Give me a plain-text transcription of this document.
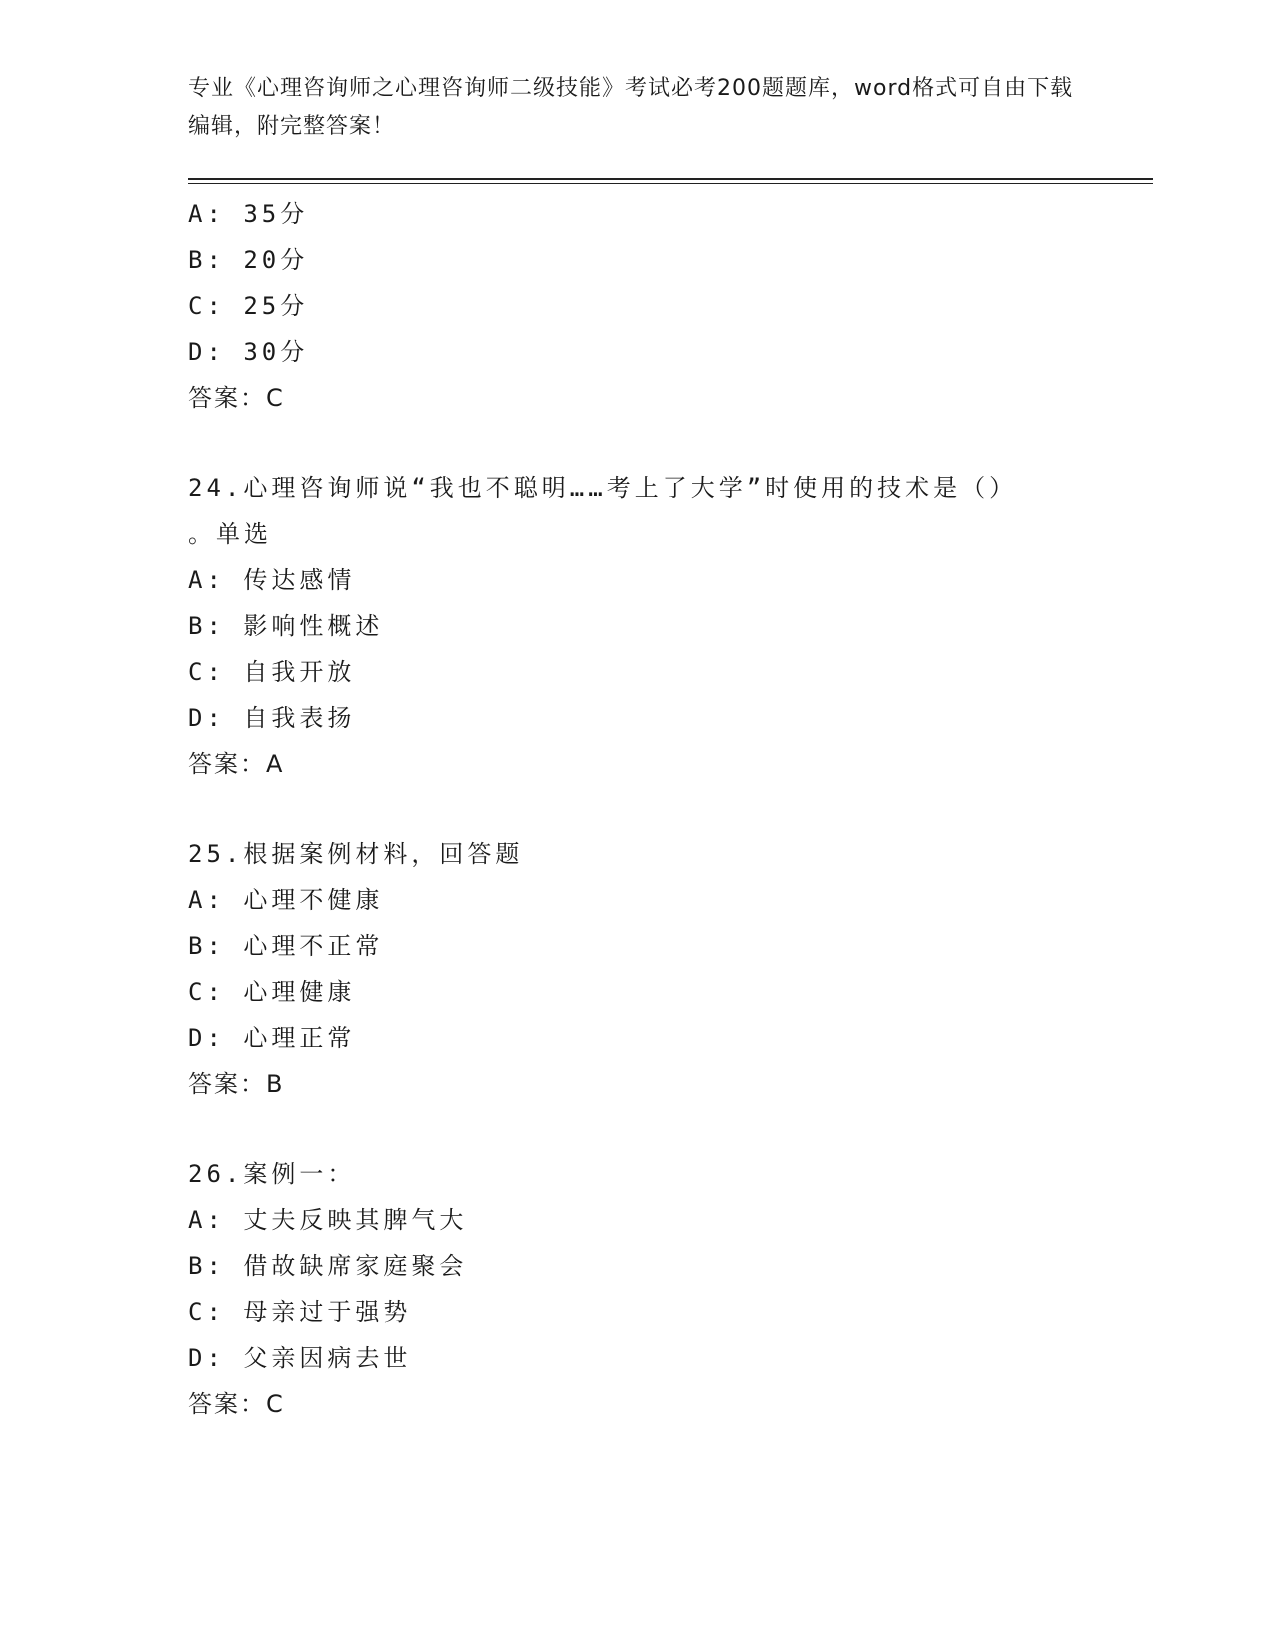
专业《心理咨询师之心理咨询师二级技能》考试必考200题题库，word格式可自由下载编辑，附完整答案！
A: 35分
B: 20分
C: 25分
D: 30分
答案：C
24.心理咨询师说“我也不聪明……考上了大学”时使用的技术是（）
。单选
A: 传达感情
B: 影响性概述
C: 自我开放
D: 自我表扬
答案：A
25.根据案例材料，回答题
A: 心理不健康
B: 心理不正常
C: 心理健康
D: 心理正常
答案：B
26.案例一：
A: 丈夫反映其脾气大
B: 借故缺席家庭聚会
C: 母亲过于强势
D: 父亲因病去世
答案：C
